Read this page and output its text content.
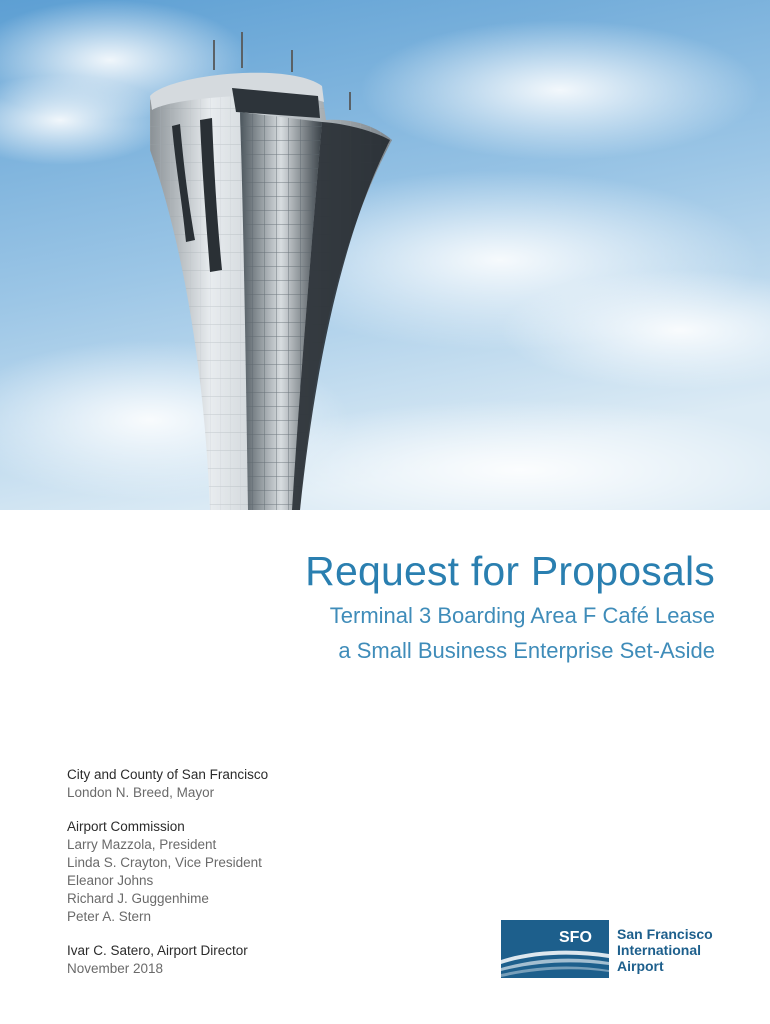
Request for Proposals
Terminal 3 Boarding Area F Café Lease
a Small Business Enterprise Set-Aside
City and County of San Francisco
London N. Breed, Mayor
Airport Commission
Larry Mazzola, President
Linda S. Crayton, Vice President
Eleanor Johns
Richard J. Guggenhime
Peter A. Stern
Ivar C. Satero, Airport Director
November 2018
SFO San Francisco
International
Airport
